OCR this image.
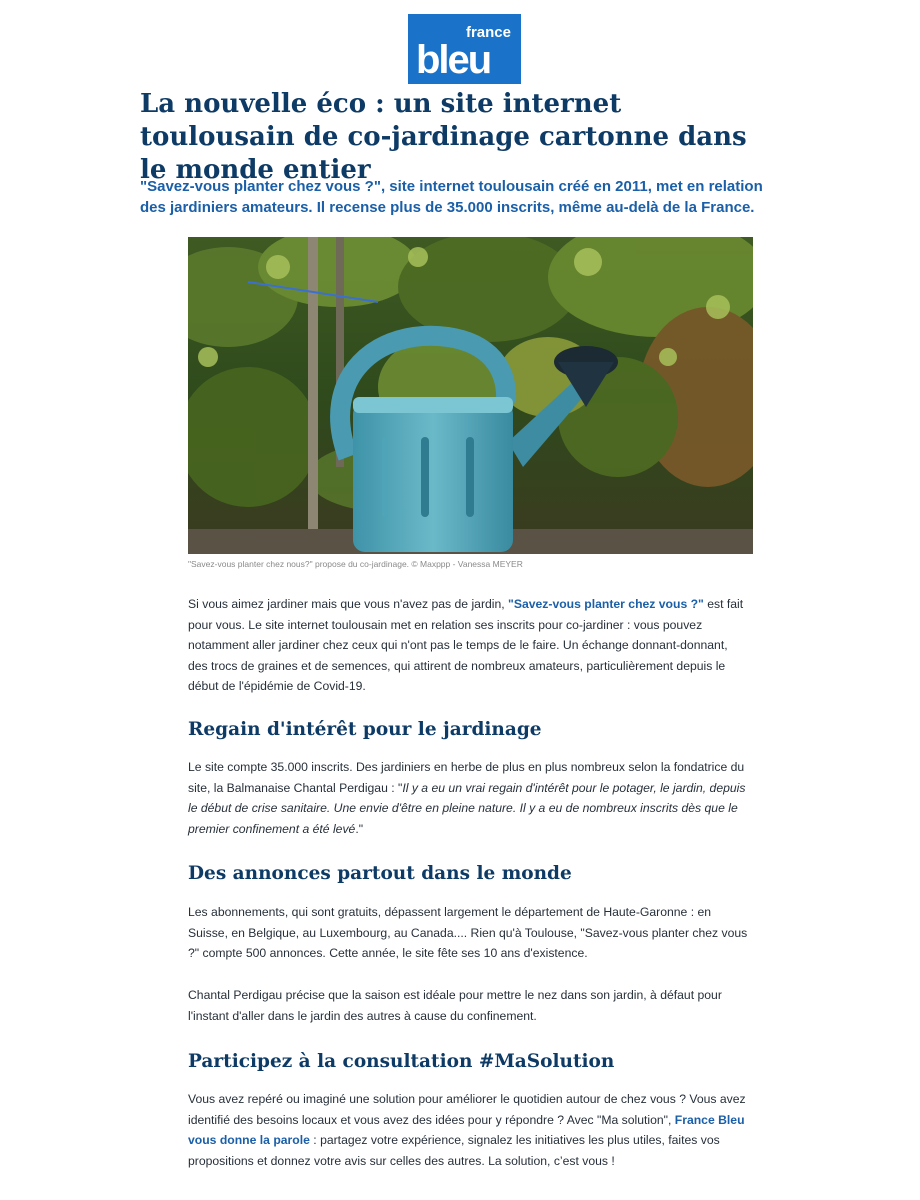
france
bleu
La nouvelle éco : un site internet toulousain de co-jardinage cartonne dans le monde entier

"Savez-vous planter chez vous ?", site internet toulousain créé en 2011, met en relation des jardiniers amateurs. Il recense plus de 35.000 inscrits, même au-delà de la France.

"Savez-vous planter chez nous?" propose du co-jardinage. © Maxppp - Vanessa MEYER

Si vous aimez jardiner mais que vous n'avez pas de jardin, "Savez-vous planter chez vous ?" est fait pour vous. Le site internet toulousain met en relation ses inscrits pour co-jardiner : vous pouvez notamment aller jardiner chez ceux qui n'ont pas le temps de le faire. Un échange donnant-donnant, des trocs de graines et de semences, qui attirent de nombreux amateurs, particulièrement depuis le début de l'épidémie de Covid-19.

Regain d'intérêt pour le jardinage

Le site compte 35.000 inscrits. Des jardiniers en herbe de plus en plus nombreux selon la fondatrice du site, la Balmanaise Chantal Perdigau : "Il y a eu un vrai regain d'intérêt pour le potager, le jardin, depuis le début de crise sanitaire. Une envie d'être en pleine nature. Il y a eu de nombreux inscrits dès que le premier confinement a été levé."

Des annonces partout dans le monde

Les abonnements, qui sont gratuits, dépassent largement le département de Haute-Garonne : en Suisse, en Belgique, au Luxembourg, au Canada.... Rien qu'à Toulouse, "Savez-vous planter chez vous ?" compte 500 annonces. Cette année, le site fête ses 10 ans d'existence.

Chantal Perdigau précise que la saison est idéale pour mettre le nez dans son jardin, à défaut pour l'instant d'aller dans le jardin des autres à cause du confinement.

Participez à la consultation #MaSolution

Vous avez repéré ou imaginé une solution pour améliorer le quotidien autour de chez vous ? Vous avez identifié des besoins locaux et vous avez des idées pour y répondre ? Avec "Ma solution", France Bleu vous donne la parole : partagez votre expérience, signalez les initiatives les plus utiles, faites vos propositions et donnez votre avis sur celles des autres. La solution, c’est vous !
